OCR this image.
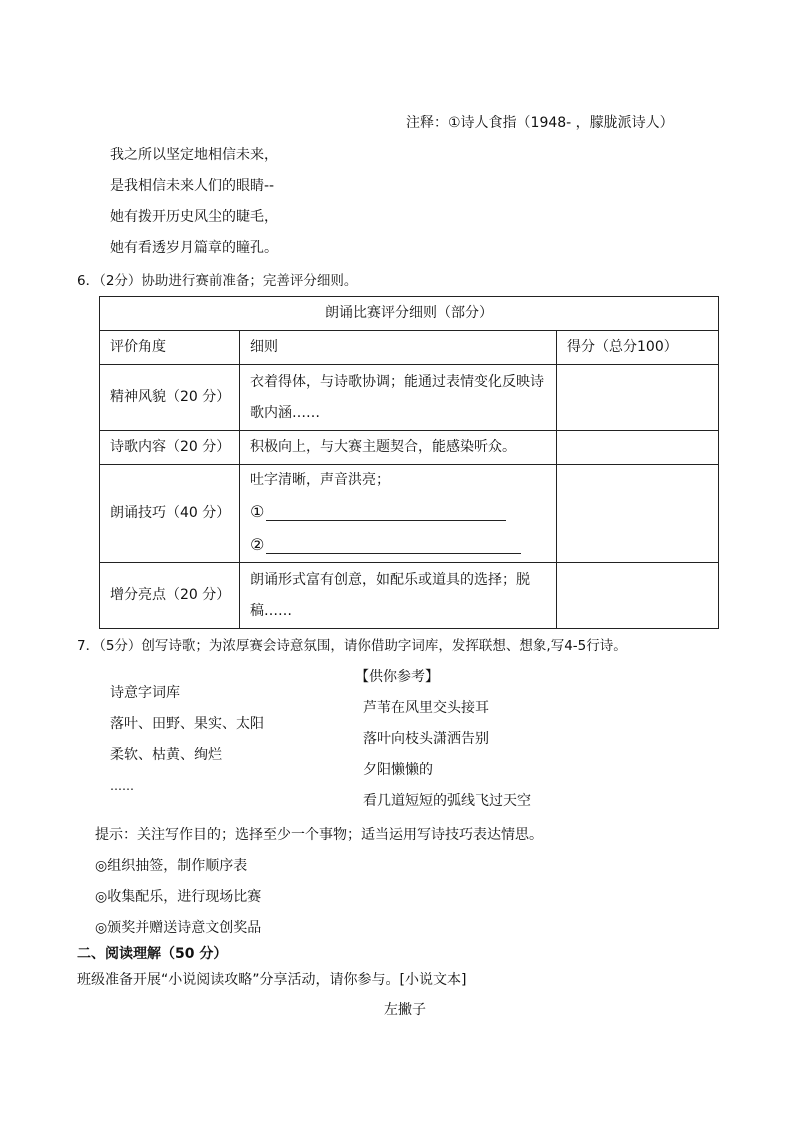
注释：①诗人食指（1948- ，朦胧派诗人）
我之所以坚定地相信未来，
是我相信未来人们的眼睛--
她有拨开历史风尘的睫毛，
她有看透岁月篇章的瞳孔。
6．（2分）协助进行赛前准备；完善评分细则。
朗诵比赛评分细则（部分）		
评价角度	细则	得分（总分100）
精神风貌（20 分）	衣着得体，与诗歌协调；能通过表情变化反映诗
歌内涵……	

诗歌内容（20 分）	积极向上，与大赛主题契合，能感染听众。	
朗诵技巧（40 分）	吐字清晰，声音洪亮；
①
②	

增分亮点（20 分）	朗诵形式富有创意，如配乐或道具的选择；脱
稿……	

7．（5分）创写诗歌；为浓厚赛会诗意氛围，请你借助字词库，发挥联想、想象,写4-5行诗。
【供你参考】
诗意字词库
芦苇在风里交头接耳
落叶、田野、果实、太阳
落叶向枝头潇洒告别
柔软、枯黄、绚烂
夕阳懒懒的
……
看几道短短的弧线飞过天空
提示：关注写作目的；选择至少一个事物；适当运用写诗技巧表达情思。
◎组织抽签，制作顺序表
◎收集配乐，进行现场比赛
◎颁奖并赠送诗意文创奖品
二、阅读理解（50 分）
班级准备开展“小说阅读攻略”分享活动，请你参与。[小说文本]
左撇子
